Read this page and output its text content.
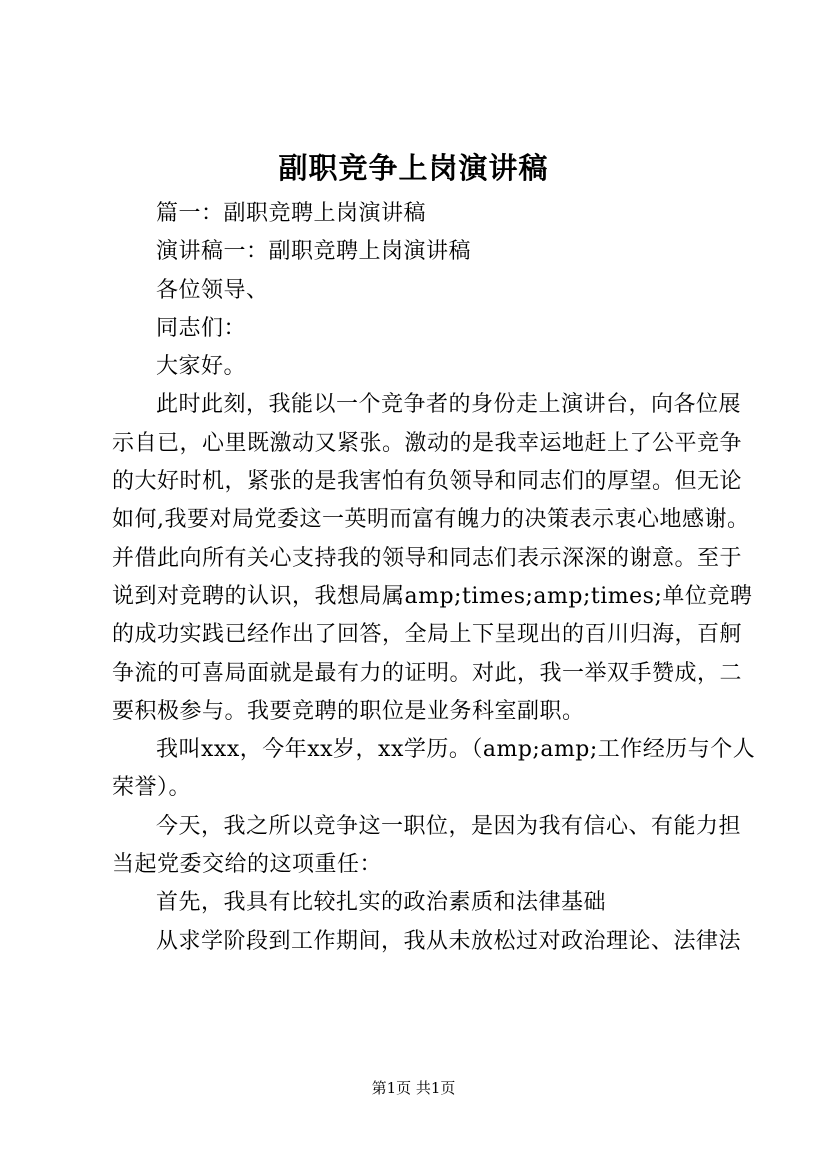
副职竞争上岗演讲稿

篇一：副职竞聘上岗演讲稿

演讲稿一：副职竞聘上岗演讲稿

各位领导、

同志们：

大家好。

此时此刻，我能以一个竞争者的身份走上演讲台，向各位展
示自已，心里既激动又紧张。激动的是我幸运地赶上了公平竞争
的大好时机，紧张的是我害怕有负领导和同志们的厚望。但无论
如何,我要对局党委这一英明而富有魄力的决策表示衷心地感谢。
并借此向所有关心支持我的领导和同志们表示深深的谢意。至于
说到对竞聘的认识，我想局属amp;times;amp;times;单位竞聘
的成功实践已经作出了回答，全局上下呈现出的百川归海，百舸
争流的可喜局面就是最有力的证明。对此，我一举双手赞成，二
要积极参与。我要竞聘的职位是业务科室副职。

我叫xxx，今年xx岁，xx学历。（amp;amp;工作经历与个人
荣誉）。

今天，我之所以竞争这一职位，是因为我有信心、有能力担
当起党委交给的这项重任：

首先，我具有比较扎实的政治素质和法律基础

从求学阶段到工作期间，我从未放松过对政治理论、法律法

第1页 共1页
